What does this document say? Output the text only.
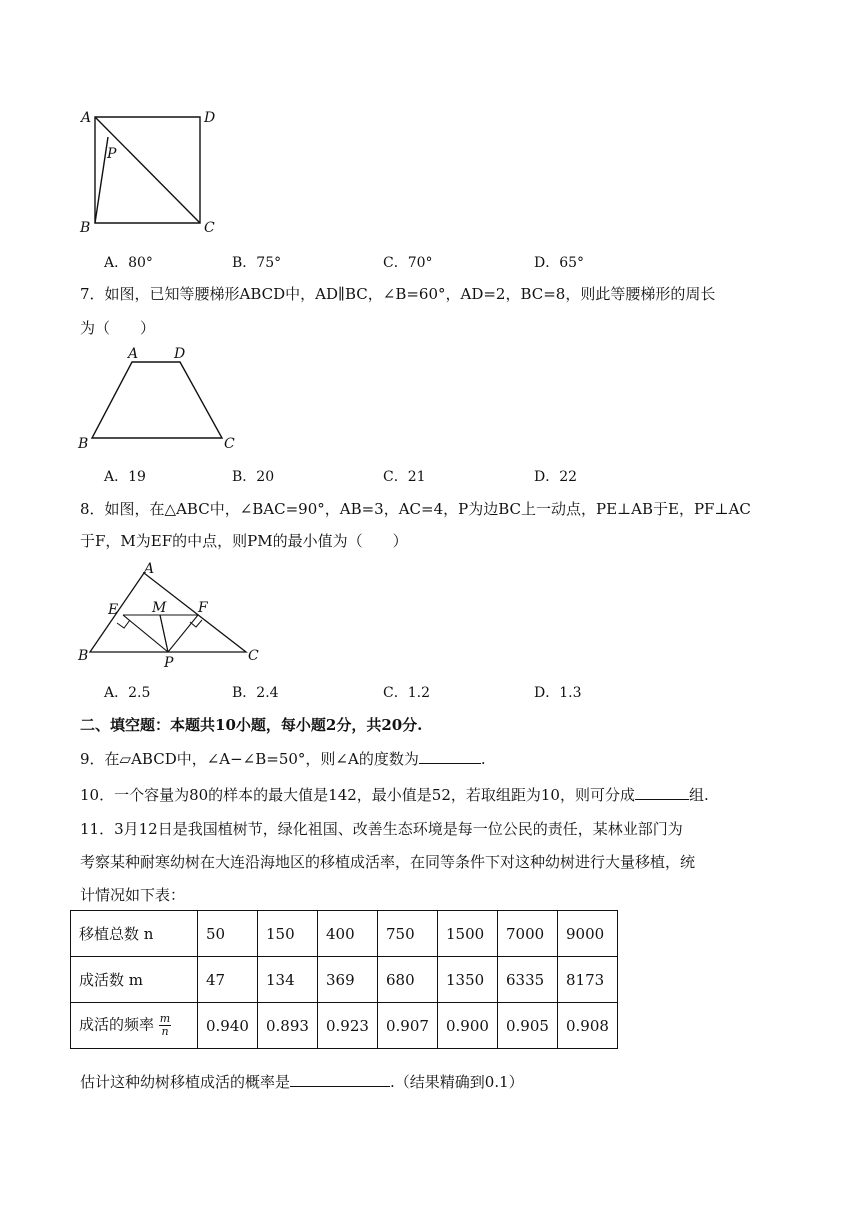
A	D
B	C
P
A．80°	B．75°	C．70°	D．65°
7．如图，已知等腰梯形ABCD中，AD∥BC，∠B=60°，AD=2，BC=8，则此等腰梯形的周长
为（　　）
A	D
B	C
A．19	B．20	C．21	D．22
8．如图，在△ABC中，∠BAC=90°，AB=3，AC=4，P为边BC上一动点，PE⊥AB于E，PF⊥AC
于F，M为EF的中点，则PM的最小值为（　　）
A
B	C
E	F
M
P
A．2.5	B．2.4	C．1.2	D．1.3
二、填空题：本题共10小题，每小题2分，共20分.
9．在▱ABCD中，∠A−∠B=50°，则∠A的度数为	.
10．一个容量为80的样本的最大值是142，最小值是52，若取组距为10，则可分成	组.
11．3月12日是我国植树节，绿化祖国、改善生态环境是每一位公民的责任，某林业部门为
考察某种耐寒幼树在大连沿海地区的移植成活率，在同等条件下对这种幼树进行大量移植，统
计情况如下表：
移植总数 n	50	150	400	750	1500	7000	9000
成活数 m	47	134	369	680	1350	6335	8173
成活的频率 $\frac{m}{n}$	0.940	0.893	0.923	0.907	0.900	0.905	0.908
估计这种幼树移植成活的概率是	.（结果精确到0.1）
